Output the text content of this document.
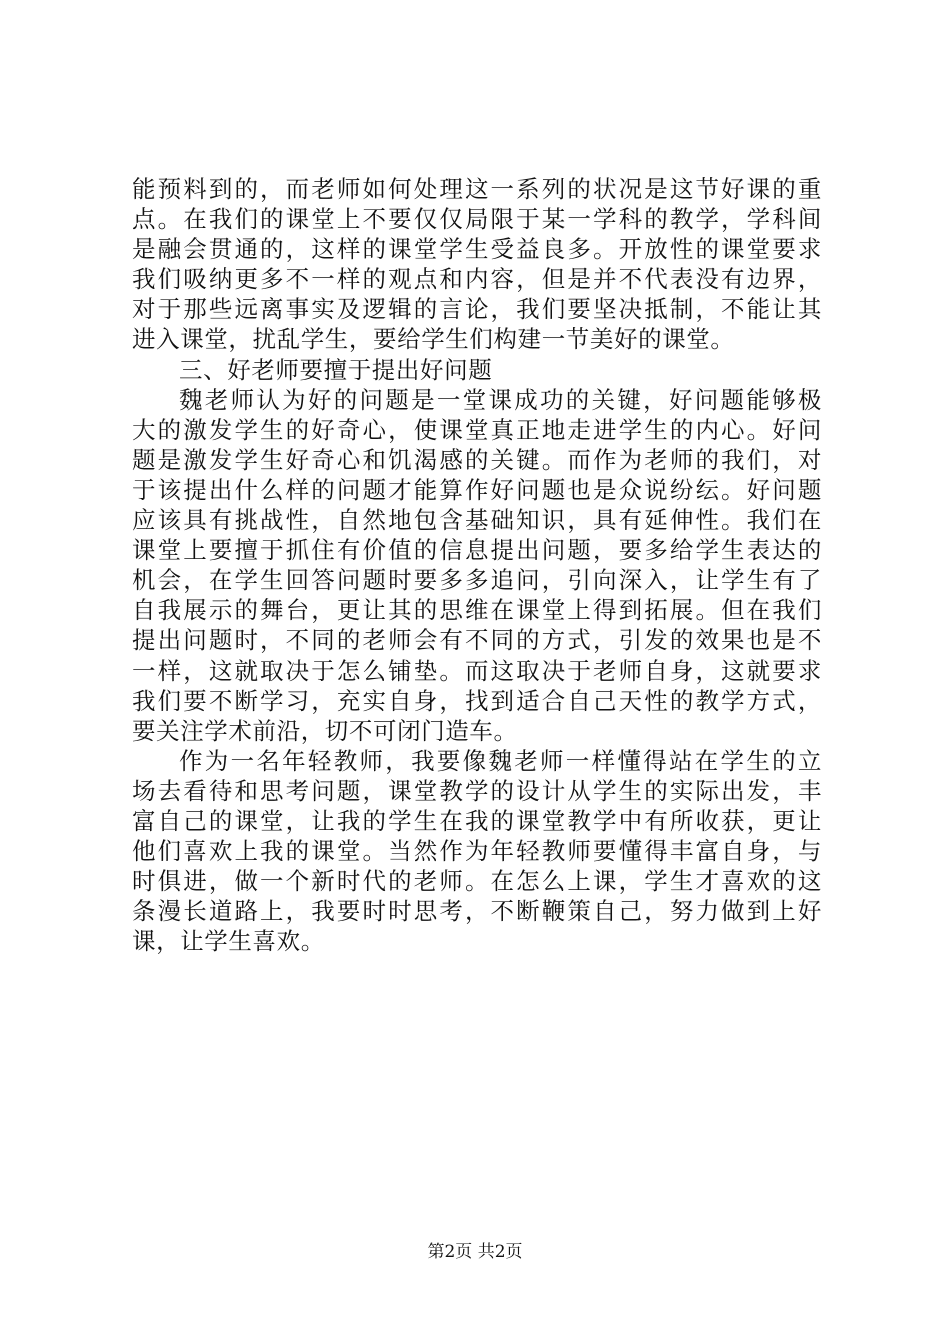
能预料到的，而老师如何处理这一系列的状况是这节好课的重
点。在我们的课堂上不要仅仅局限于某一学科的教学，学科间
是融会贯通的，这样的课堂学生受益良多。开放性的课堂要求
我们吸纳更多不一样的观点和内容，但是并不代表没有边界，
对于那些远离事实及逻辑的言论，我们要坚决抵制，不能让其
进入课堂，扰乱学生，要给学生们构建一节美好的课堂。
三、好老师要擅于提出好问题
魏老师认为好的问题是一堂课成功的关键，好问题能够极
大的激发学生的好奇心，使课堂真正地走进学生的内心。好问
题是激发学生好奇心和饥渴感的关键。而作为老师的我们，对
于该提出什么样的问题才能算作好问题也是众说纷纭。好问题
应该具有挑战性，自然地包含基础知识，具有延伸性。我们在
课堂上要擅于抓住有价值的信息提出问题，要多给学生表达的
机会，在学生回答问题时要多多追问，引向深入，让学生有了
自我展示的舞台，更让其的思维在课堂上得到拓展。但在我们
提出问题时，不同的老师会有不同的方式，引发的效果也是不
一样，这就取决于怎么铺垫。而这取决于老师自身，这就要求
我们要不断学习，充实自身，找到适合自己天性的教学方式，
要关注学术前沿，切不可闭门造车。
作为一名年轻教师，我要像魏老师一样懂得站在学生的立
场去看待和思考问题，课堂教学的设计从学生的实际出发，丰
富自己的课堂，让我的学生在我的课堂教学中有所收获，更让
他们喜欢上我的课堂。当然作为年轻教师要懂得丰富自身，与
时俱进，做一个新时代的老师。在怎么上课，学生才喜欢的这
条漫长道路上，我要时时思考，不断鞭策自己，努力做到上好
课，让学生喜欢。
第2页 共2页
